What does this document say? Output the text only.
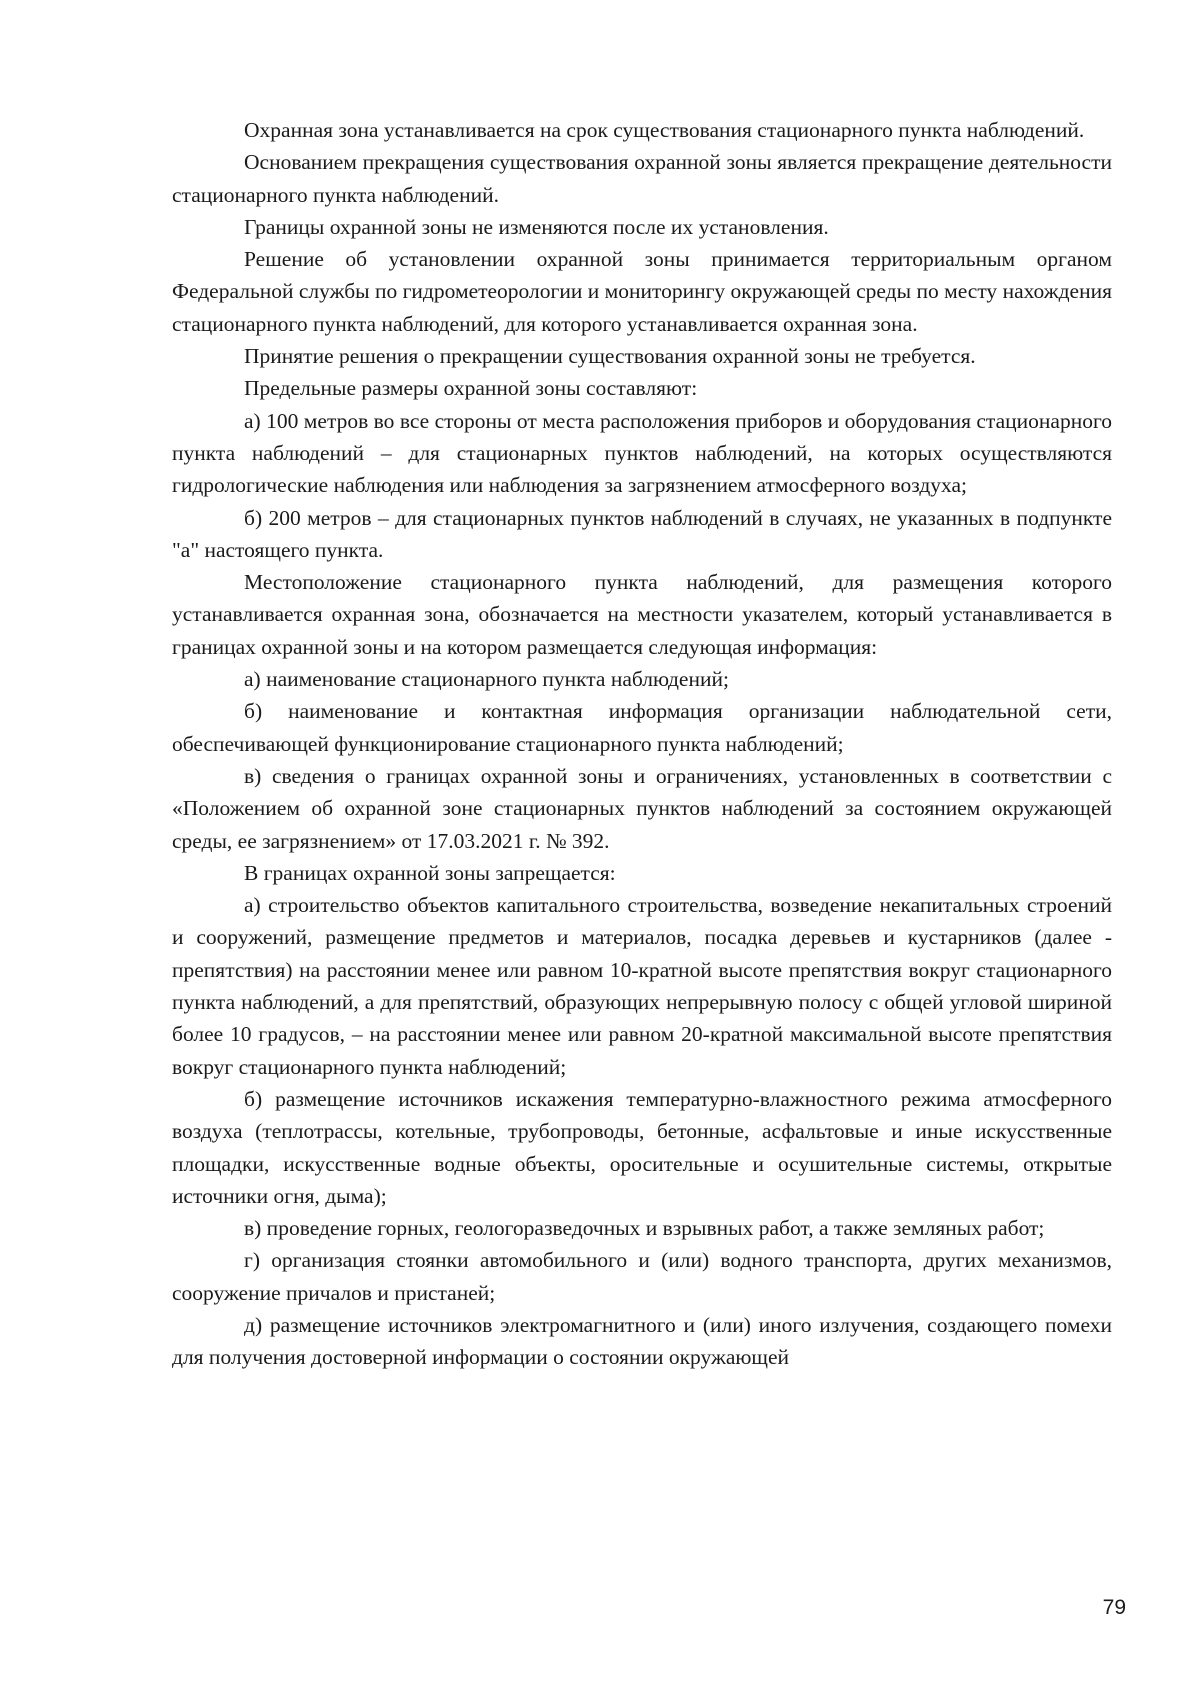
Охранная зона устанавливается на срок существования стационарного пункта наблюдений.

Основанием прекращения существования охранной зоны является прекращение деятельности стационарного пункта наблюдений.

Границы охранной зоны не изменяются после их установления.

Решение об установлении охранной зоны принимается территориальным органом Федеральной службы по гидрометеорологии и мониторингу окружающей среды по месту нахождения стационарного пункта наблюдений, для которого устанавливается охранная зона.

Принятие решения о прекращении существования охранной зоны не требуется.

Предельные размеры охранной зоны составляют:

а) 100 метров во все стороны от места расположения приборов и оборудования стационарного пункта наблюдений – для стационарных пунктов наблюдений, на которых осуществляются гидрологические наблюдения или наблюдения за загрязнением атмосферного воздуха;

б) 200 метров – для стационарных пунктов наблюдений в случаях, не указанных в подпункте "а" настоящего пункта.

Местоположение стационарного пункта наблюдений, для размещения которого устанавливается охранная зона, обозначается на местности указателем, который устанавливается в границах охранной зоны и на котором размещается следующая информация:

а) наименование стационарного пункта наблюдений;

б) наименование и контактная информация организации наблюдательной сети, обеспечивающей функционирование стационарного пункта наблюдений;

в) сведения о границах охранной зоны и ограничениях, установленных в соответствии с «Положением об охранной зоне стационарных пунктов наблюдений за состоянием окружающей среды, ее загрязнением» от 17.03.2021 г. № 392.

В границах охранной зоны запрещается:

а) строительство объектов капитального строительства, возведение некапитальных строений и сооружений, размещение предметов и материалов, посадка деревьев и кустарников (далее - препятствия) на расстоянии менее или равном 10-кратной высоте препятствия вокруг стационарного пункта наблюдений, а для препятствий, образующих непрерывную полосу с общей угловой шириной более 10 градусов, – на расстоянии менее или равном 20-кратной максимальной высоте препятствия вокруг стационарного пункта наблюдений;

б) размещение источников искажения температурно-влажностного режима атмосферного воздуха (теплотрассы, котельные, трубопроводы, бетонные, асфальтовые и иные искусственные площадки, искусственные водные объекты, оросительные и осушительные системы, открытые источники огня, дыма);

в) проведение горных, геологоразведочных и взрывных работ, а также земляных работ;

г) организация стоянки автомобильного и (или) водного транспорта, других механизмов, сооружение причалов и пристаней;

д) размещение источников электромагнитного и (или) иного излучения, создающего помехи для получения достоверной информации о состоянии окружающей

79
